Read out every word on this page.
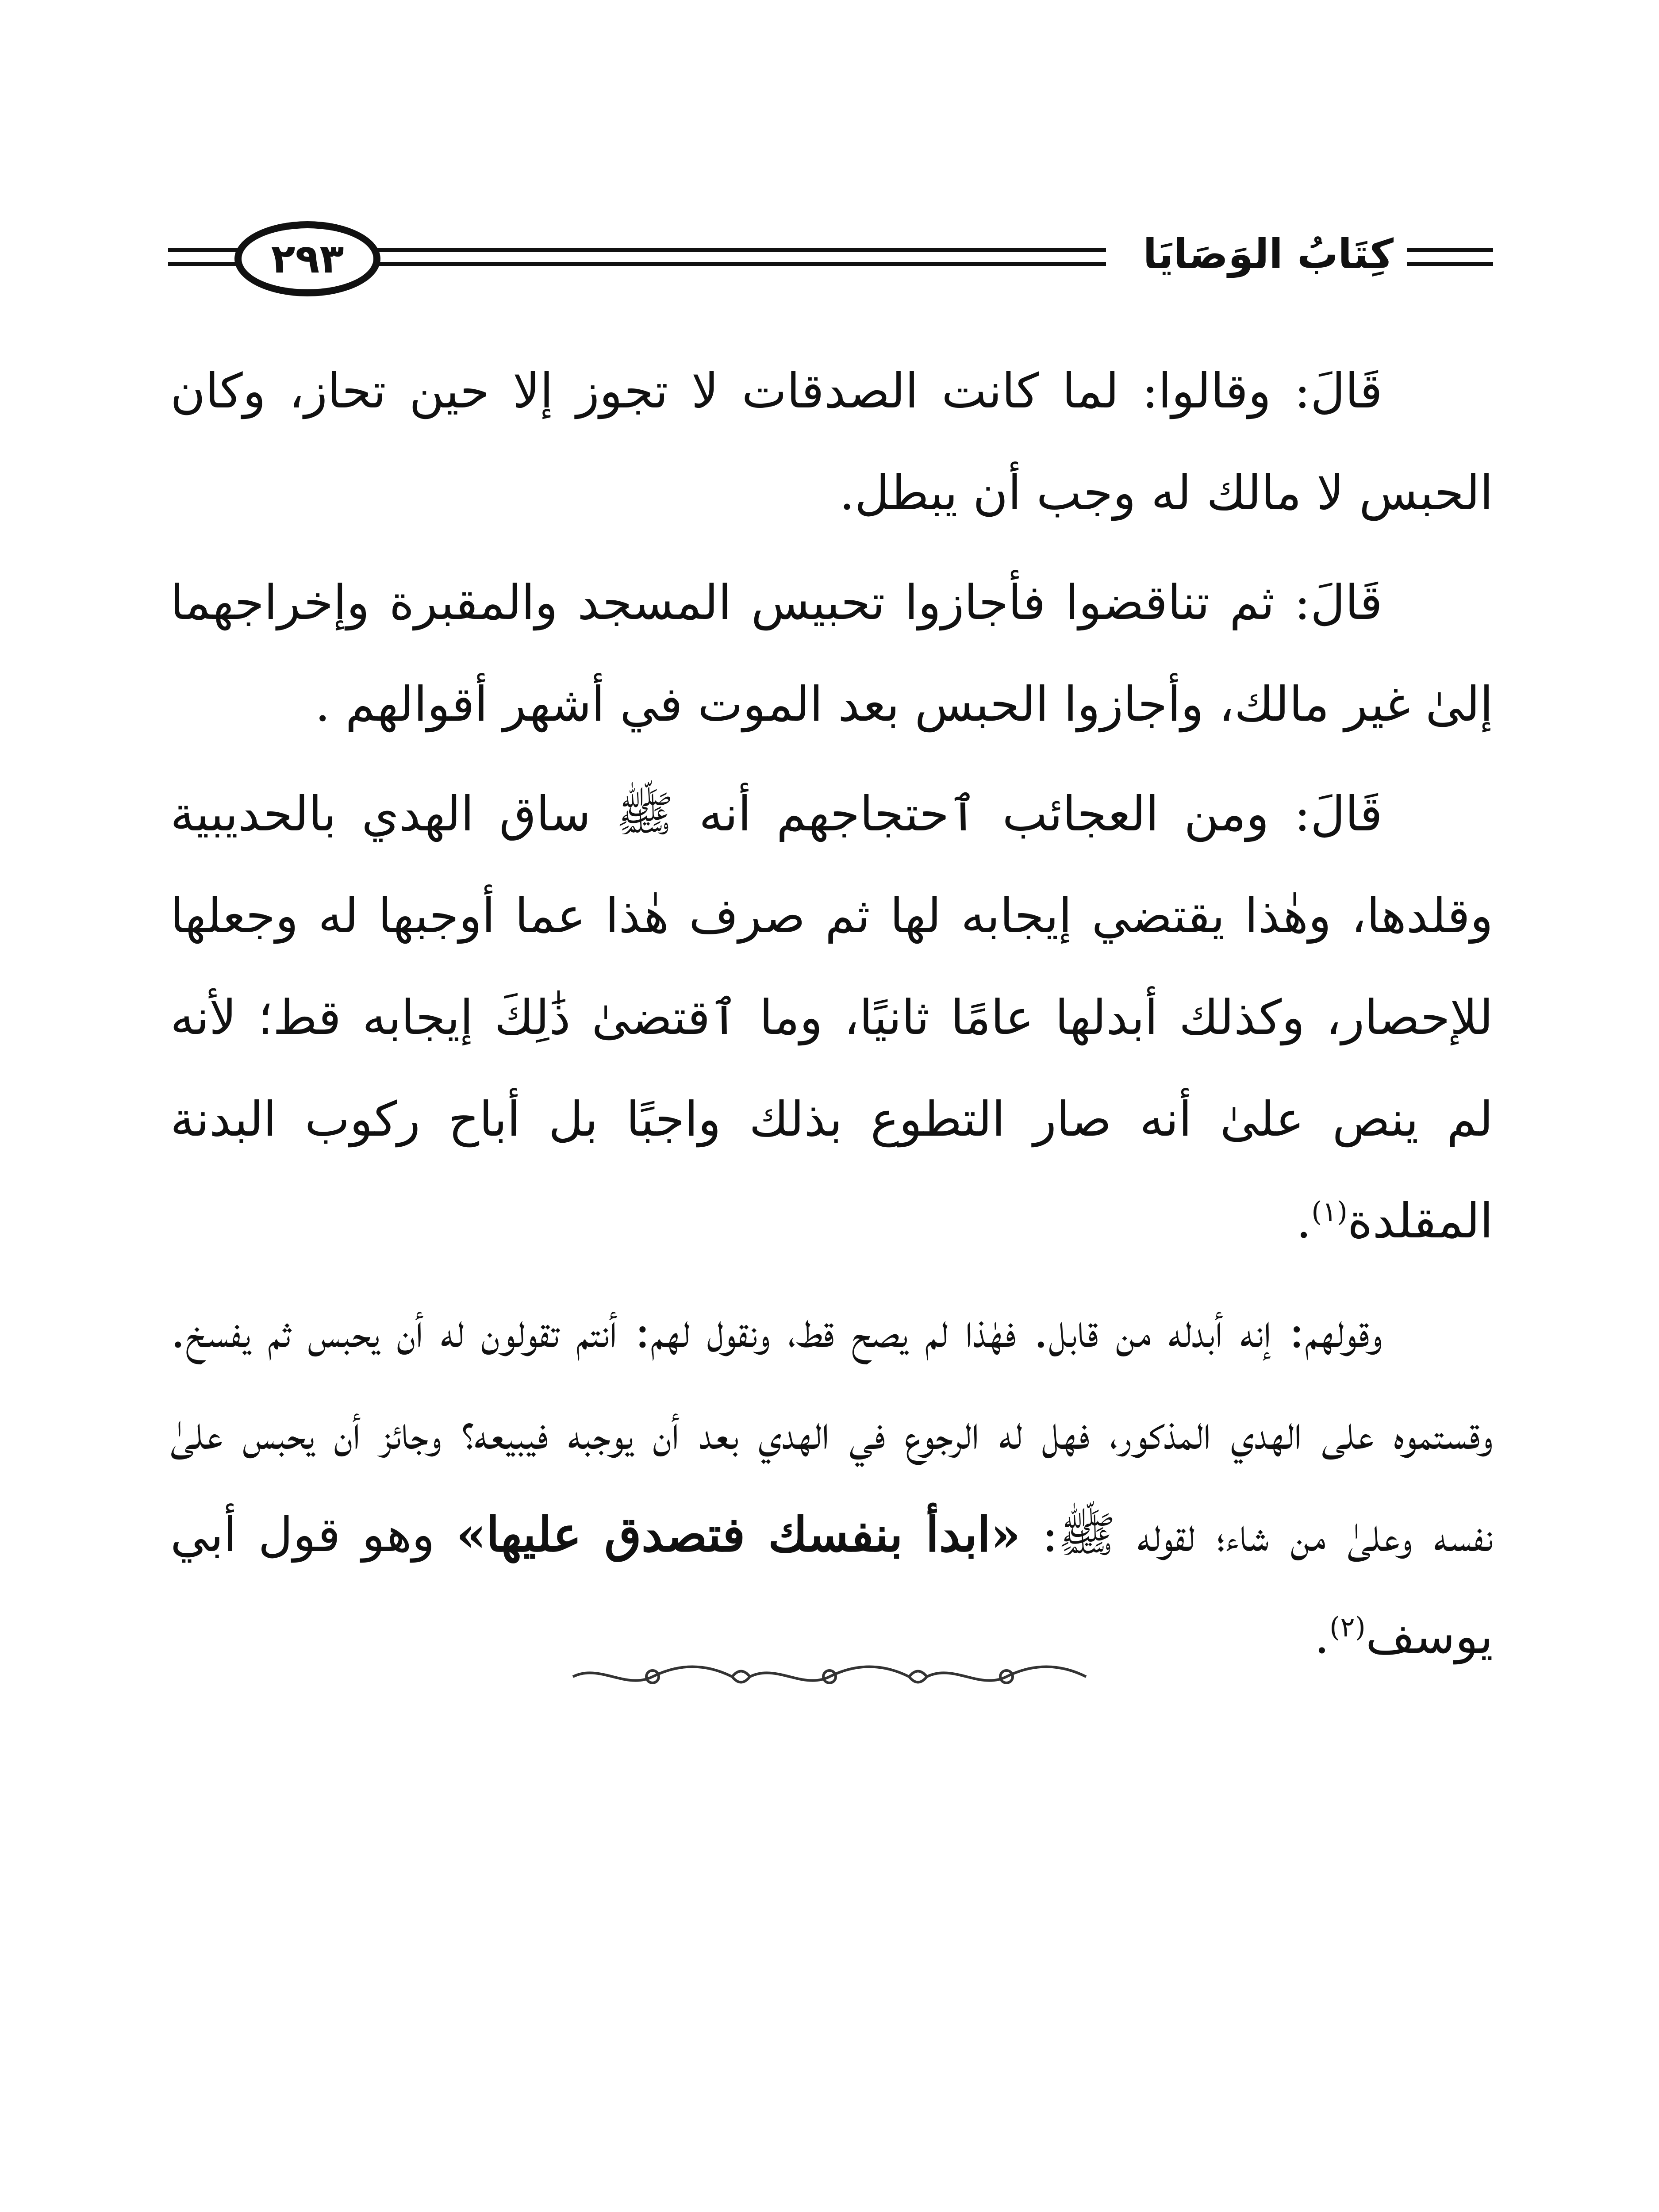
٢٩٣	كِتَابُ الوَصَايَا

قَالَ: وقالوا: لما كانت الصدقات لا تجوز إلا حين تحاز، وكان الحبس لا مالك له وجب أن يبطل.

قَالَ: ثم تناقضوا فأجازوا تحبيس المسجد والمقبرة وإخراجهما إلىٰ غير مالك، وأجازوا الحبس بعد الموت في أشهر أقوالهم .

قَالَ: ومن العجائب ٱحتجاجهم أنه ﷺ ساق الهدي بالحديبية وقلدها، وهٰذا يقتضي إيجابه لها ثم صرف هٰذا عما أوجبها له وجعلها للإحصار، وكذلك أبدلها عامًا ثانيًا، وما ٱقتضىٰ ذَٰلِكَ إيجابه قط؛ لأنه لم ينص علىٰ أنه صار التطوع بذلك واجبًا بل أباح ركوب البدنة المقلدة$^{(١)}$.

وقولهم: إنه أبدله من قابل. فهٰذا لم يصح قط، ونقول لهم: أنتم تقولون له أن يحبس ثم يفسخ. وقستموه على الهدي المذكور، فهل له الرجوع في الهدي بعد أن يوجبه فيبيعه؟ وجائز أن يحبس علىٰ نفسه وعلىٰ من شاء؛ لقوله ﷺ: «ابدأ بنفسك فتصدق عليها» وهو قول أبي يوسف$^{(٢)}$.
